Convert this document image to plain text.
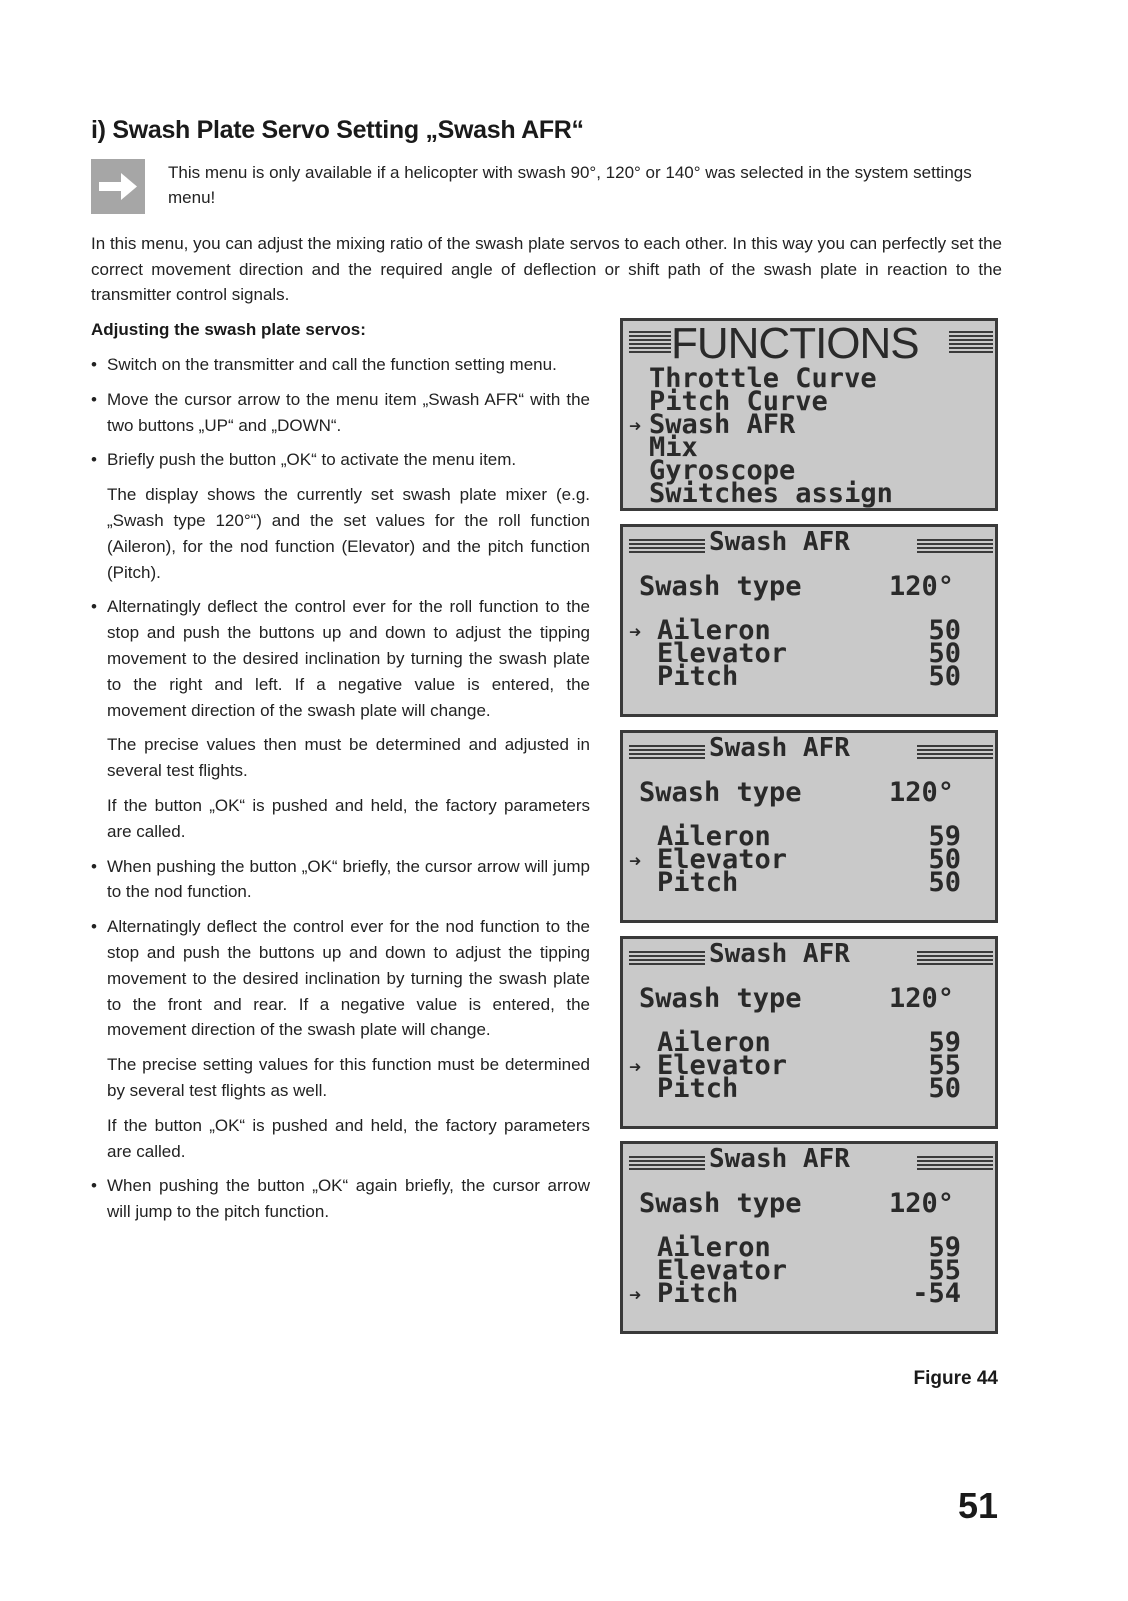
i) Swash Plate Servo Setting „Swash AFR“
This menu is only available if a helicopter with swash 90°, 120° or 140° was selected in the system settings menu!
In this menu, you can adjust the mixing ratio of the swash plate servos to each other. In this way you can perfectly set the correct movement direction and the required angle of deflection or shift path of the swash plate in reaction to the transmitter control signals.
Adjusting the swash plate servos:
• Switch on the transmitter and call the function setting menu.
• Move the cursor arrow to the menu item „Swash AFR“ with the two buttons „UP“ and „DOWN“.
• Briefly push the button „OK“ to activate the menu item.
The display shows the currently set swash plate mixer (e.g. „Swash type 120°“) and the set values for the roll function (Aileron), for the nod function (Elevator) and the pitch function (Pitch).
• Alternatingly deflect the control ever for the roll function to the stop and push the buttons up and down to adjust the tipping movement to the desired inclination by turning the swash plate to the right and left. If a negative value is entered, the movement direction of the swash plate will change.
The precise values then must be determined and adjusted in several test flights.
If the button „OK“ is pushed and held, the factory parameters are called.
• When pushing the button „OK“ briefly, the cursor arrow will jump to the nod function.
• Alternatingly deflect the control ever for the nod function to the stop and push the buttons up and down to adjust the tipping movement to the desired inclination by turning the swash plate to the front and rear. If a negative value is entered, the movement direction of the swash plate will change.
The precise setting values for this function must be determined by several test flights as well.
If the button „OK“ is pushed and held, the factory parameters are called.
• When pushing the button „OK“ again briefly, the cursor arrow will jump to the pitch function.
FUNCTIONS
Throttle Curve
Pitch Curve
➜ Swash AFR
Mix
Gyroscope
Switches assign
Swash AFR
Swash type	120°
➜ Aileron	50
Elevator	50
Pitch	50
Swash AFR
Swash type	120°
Aileron	59
➜ Elevator	50
Pitch	50
Swash AFR
Swash type	120°
Aileron	59
➜ Elevator	55
Pitch	50
Swash AFR
Swash type	120°
Aileron	59
Elevator	55
➜ Pitch	-54
Figure 44
51
